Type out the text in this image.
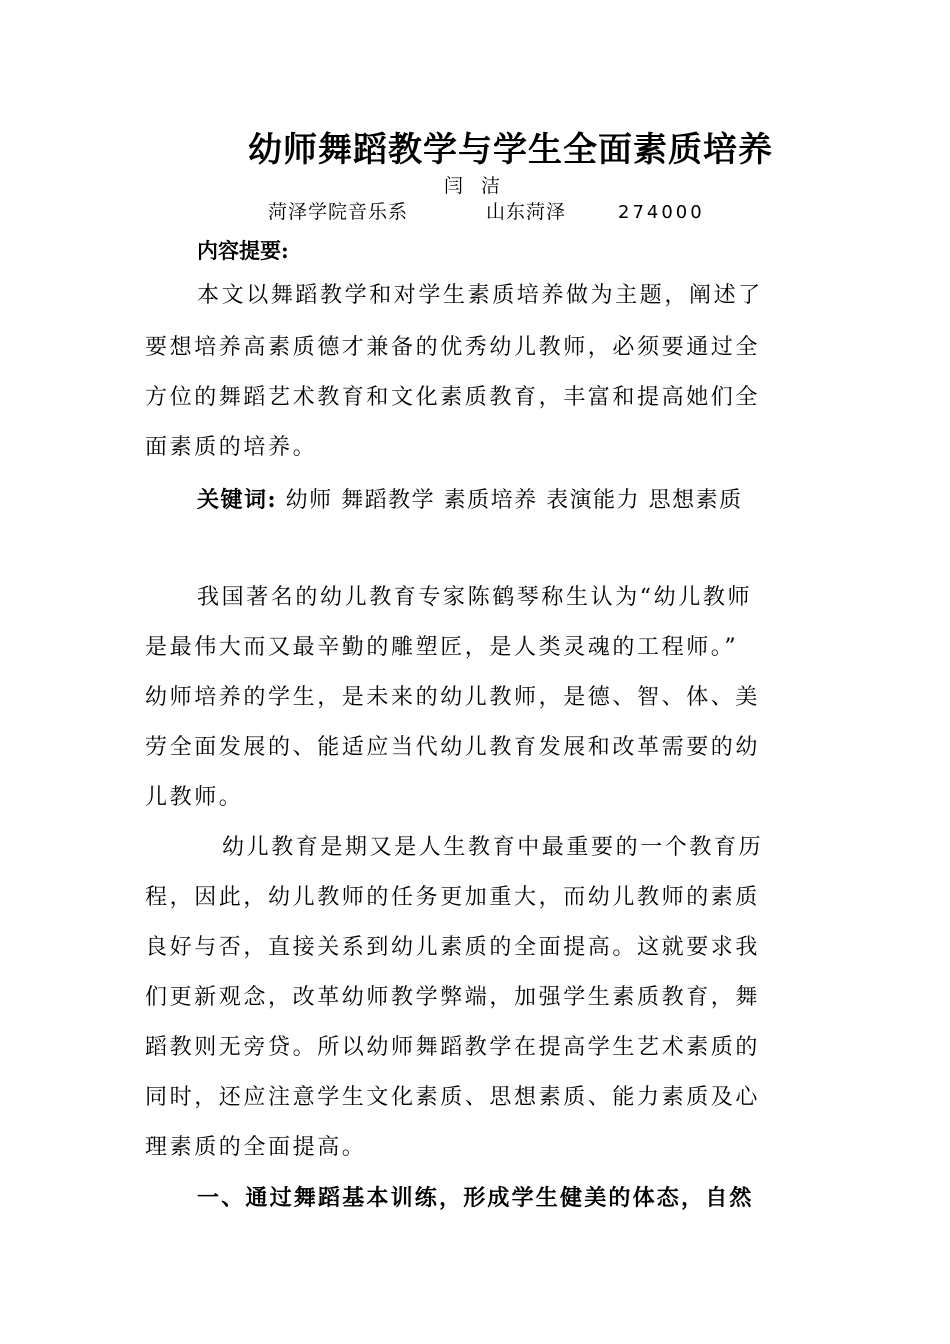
幼师舞蹈教学与学生全面素质培养
闫 洁
菏泽学院音乐系	山东菏泽	274000
内容提要:
本文以舞蹈教学和对学生素质培养做为主题，阐述了
要想培养高素质德才兼备的优秀幼儿教师，必须要通过全
方位的舞蹈艺术教育和文化素质教育，丰富和提高她们全
面素质的培养。
关键词: 幼师 舞蹈教学 素质培养 表演能力 思想素质
我国著名的幼儿教育专家陈鹤琴称生认为“幼儿教师
是最伟大而又最辛勤的雕塑匠，是人类灵魂的工程师。”
幼师培养的学生，是未来的幼儿教师，是德、智、体、美
劳全面发展的、能适应当代幼儿教育发展和改革需要的幼
儿教师。
幼儿教育是期又是人生教育中最重要的一个教育历
程，因此，幼儿教师的任务更加重大，而幼儿教师的素质
良好与否，直接关系到幼儿素质的全面提高。这就要求我
们更新观念，改革幼师教学弊端，加强学生素质教育，舞
蹈教则无旁贷。所以幼师舞蹈教学在提高学生艺术素质的
同时，还应注意学生文化素质、思想素质、能力素质及心
理素质的全面提高。
一、通过舞蹈基本训练，形成学生健美的体态，自然
